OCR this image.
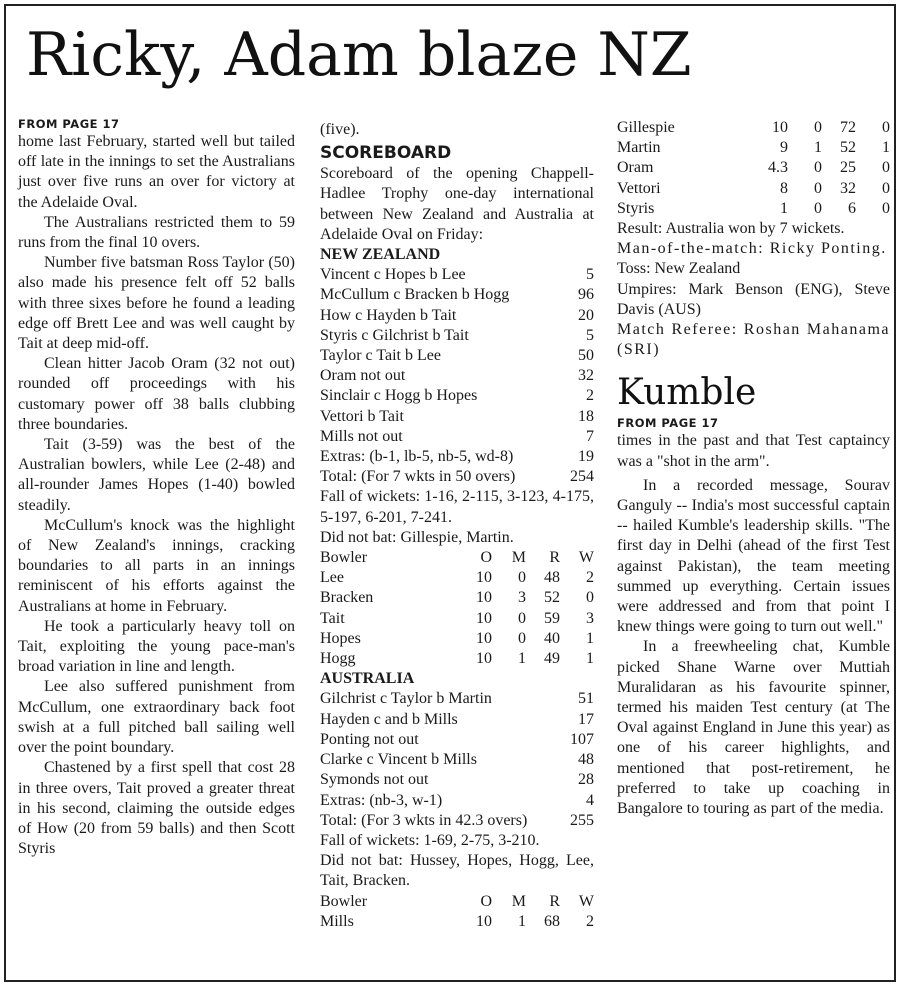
Ricky, Adam blaze NZ
FROM PAGE 17

home last February, started well but tailed off late in the innings to set the Australians just over five runs an over for victory at the Adelaide Oval.

The Australians restricted them to 59 runs from the final 10 overs.

Number five batsman Ross Taylor (50) also made his presence felt off 52 balls with three sixes before he found a leading edge off Brett Lee and was well caught by Tait at deep mid-off.

Clean hitter Jacob Oram (32 not out) rounded off proceedings with his customary power off 38 balls clubbing three boundaries.

Tait (3-59) was the best of the Australian bowlers, while Lee (2-48) and all-rounder James Hopes (1-40) bowled steadily.

McCullum's knock was the highlight of New Zealand's innings, cracking boundaries to all parts in an innings reminiscent of his efforts against the Australians at home in February.

He took a particularly heavy toll on Tait, exploiting the young pace-man's broad variation in line and length.

Lee also suffered punishment from McCullum, one extraordinary back foot swish at a full pitched ball sailing well over the point boundary.

Chastened by a first spell that cost 28 in three overs, Tait proved a greater threat in his second, claiming the outside edges of How (20 from 59 balls) and then Scott Styris

(five).
SCOREBOARD

Scoreboard of the opening Chappell-Hadlee Trophy one-day international between New Zealand and Australia at Adelaide Oval on Friday:

NEW ZEALAND
Vincent c Hopes b Lee	5
McCullum c Bracken b Hogg	96
How c Hayden b Tait	20
Styris c Gilchrist b Tait	5
Taylor c Tait b Lee	50
Oram not out	32
Sinclair c Hogg b Hopes	2
Vettori b Tait	18
Mills not out	7
Extras: (b-1, lb-5, nb-5, wd-8)	19
Total: (For 7 wkts in 50 overs)	254

Fall of wickets: 1-16, 2-115, 3-123, 4-175, 5-197, 6-201, 7-241.

Did not bat: Gillespie, Martin.
Bowler	O	M	R	W
Lee	10	0	48	2
Bracken	10	3	52	0
Tait	10	0	59	3
Hopes	10	0	40	1
Hogg	10	1	49	1
AUSTRALIA
Gilchrist c Taylor b Martin	51
Hayden c and b Mills	17
Ponting not out	107
Clarke c Vincent b Mills	48
Symonds not out	28
Extras: (nb-3, w-1)	4
Total: (For 3 wkts in 42.3 overs)	255
Fall of wickets: 1-69, 2-75, 3-210.

Did not bat: Hussey, Hopes, Hogg, Lee, Tait, Bracken.

Bowler	O	M	R	W
Mills	10	1	68	2
Gillespie	10	0	72	0
Martin	9	1	52	1
Oram	4.3	0	25	0
Vettori	8	0	32	0
Styris	1	0	6	0
Result: Australia won by 7 wickets.

Man-of-the-match: Ricky Ponting.

Toss: New Zealand

Umpires: Mark Benson (ENG), Steve Davis (AUS)

Match Referee: Roshan Mahanama (SRI)

Kumble
FROM PAGE 17

times in the past and that Test captaincy was a "shot in the arm".

In a recorded message, Sourav Ganguly -- India's most successful captain -- hailed Kumble's leadership skills. "The first day in Delhi (ahead of the first Test against Pakistan), the team meeting summed up everything. Certain issues were addressed and from that point I knew things were going to turn out well."

In a freewheeling chat, Kumble picked Shane Warne over Muttiah Muralidaran as his favourite spinner, termed his maiden Test century (at The Oval against England in June this year) as one of his career highlights, and mentioned that post-retirement, he preferred to take up coaching in Bangalore to touring as part of the media.
